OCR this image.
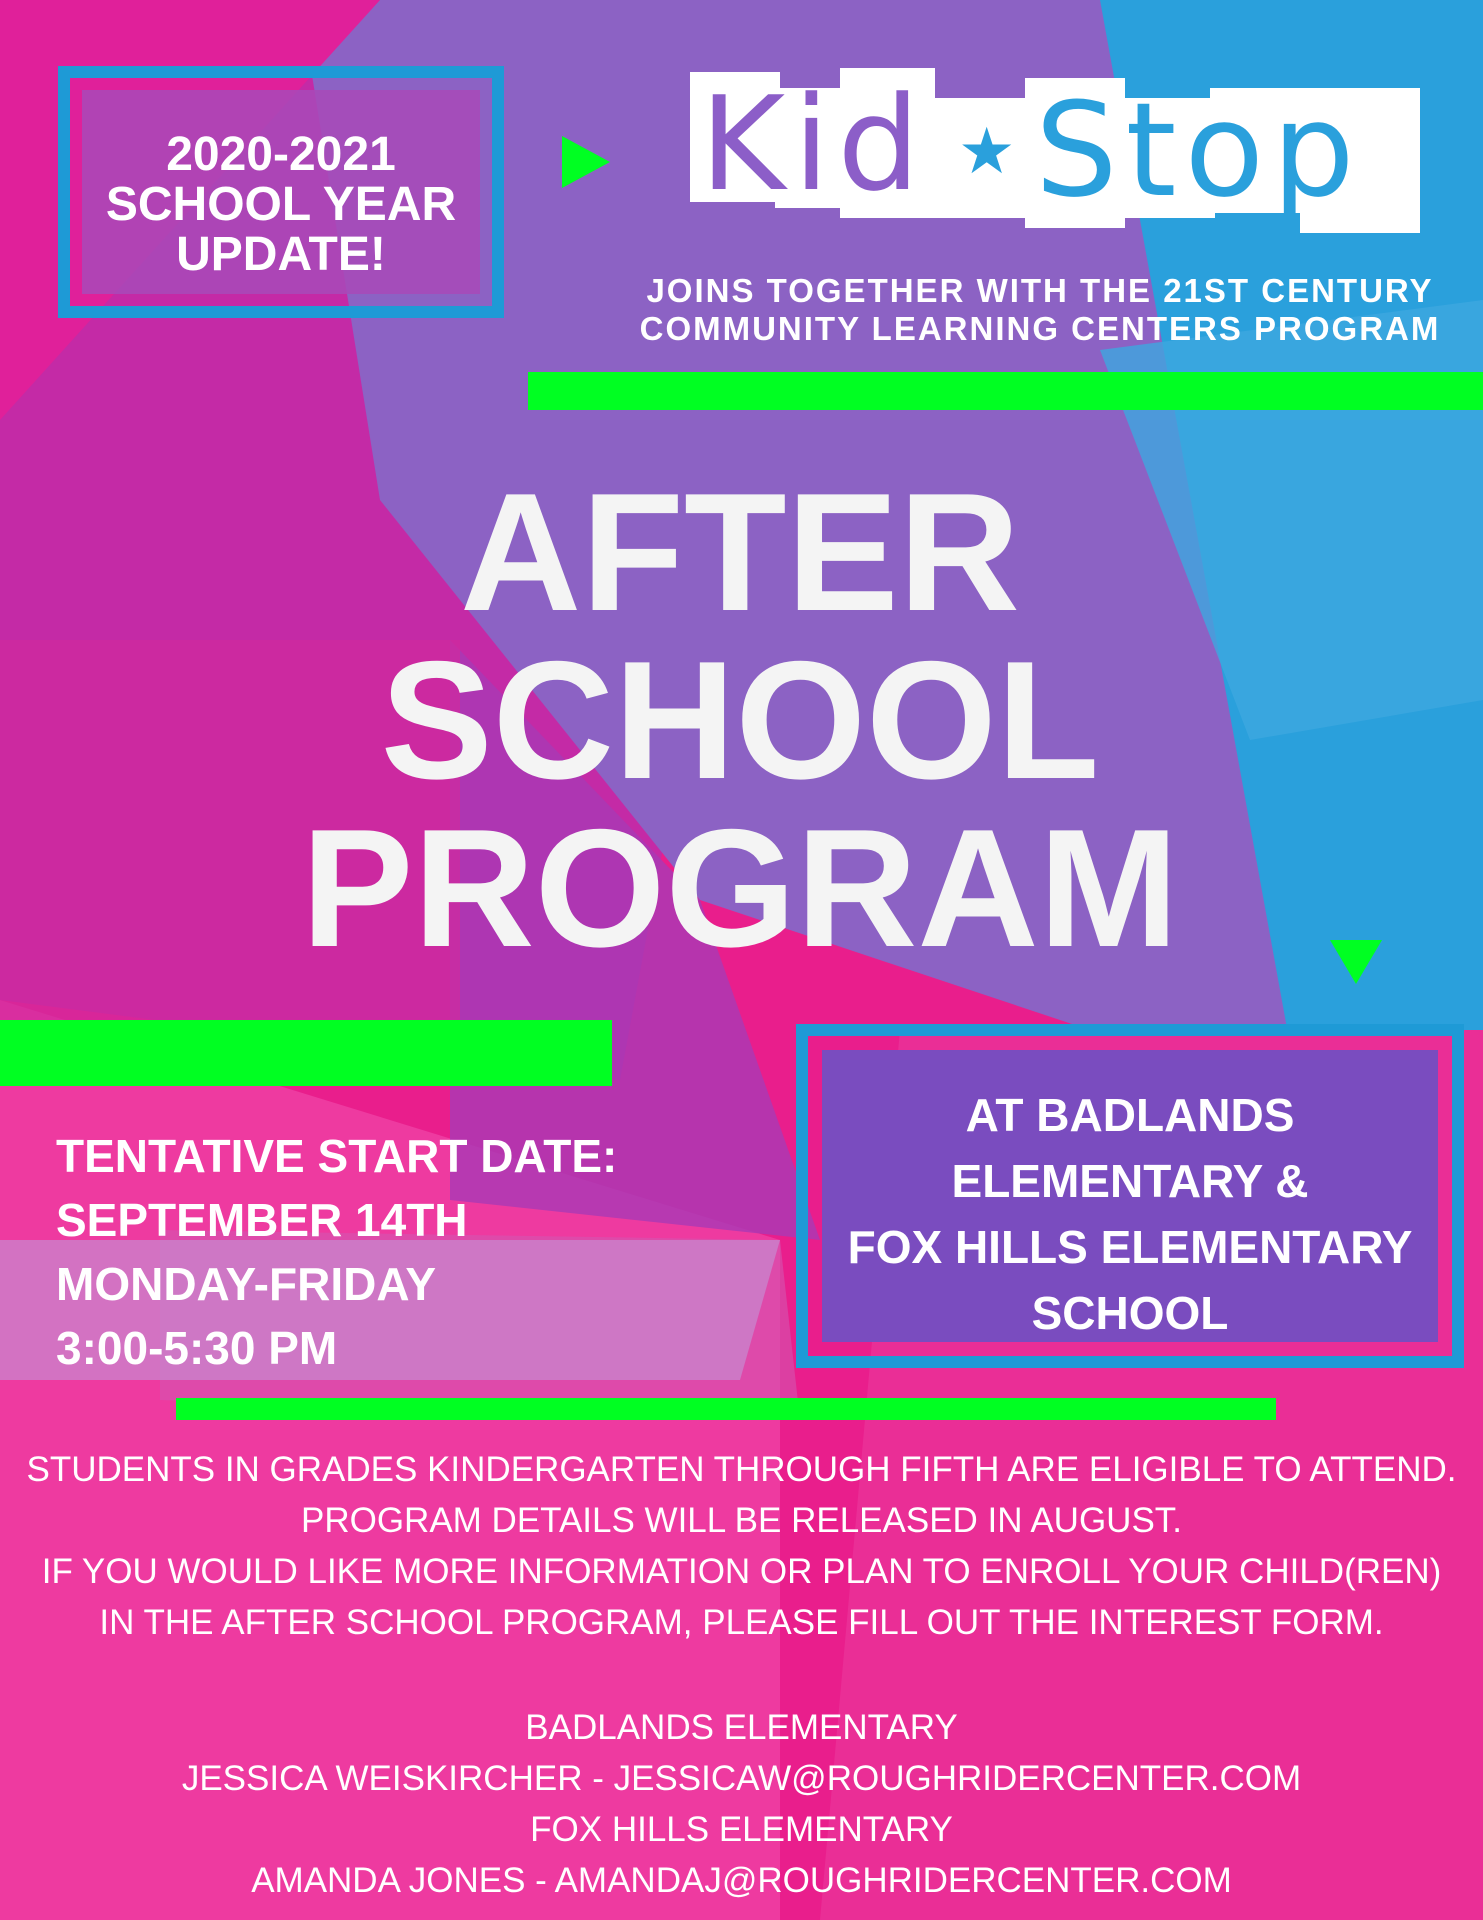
2020-2021
SCHOOL YEAR
UPDATE!
Kid ★ Stop
JOINS TOGETHER WITH THE 21ST CENTURY
COMMUNITY LEARNING CENTERS PROGRAM
AFTER
SCHOOL
PROGRAM
TENTATIVE START DATE:
SEPTEMBER 14TH
MONDAY-FRIDAY
3:00-5:30 PM
AT BADLANDS
ELEMENTARY &
FOX HILLS ELEMENTARY
SCHOOL
STUDENTS IN GRADES KINDERGARTEN THROUGH FIFTH ARE ELIGIBLE TO ATTEND.
PROGRAM DETAILS WILL BE RELEASED IN AUGUST.
IF YOU WOULD LIKE MORE INFORMATION OR PLAN TO ENROLL YOUR CHILD(REN)
IN THE AFTER SCHOOL PROGRAM, PLEASE FILL OUT THE INTEREST FORM.
BADLANDS ELEMENTARY
JESSICA WEISKIRCHER - JESSICAW@ROUGHRIDERCENTER.COM
FOX HILLS ELEMENTARY
AMANDA JONES - AMANDAJ@ROUGHRIDERCENTER.COM
